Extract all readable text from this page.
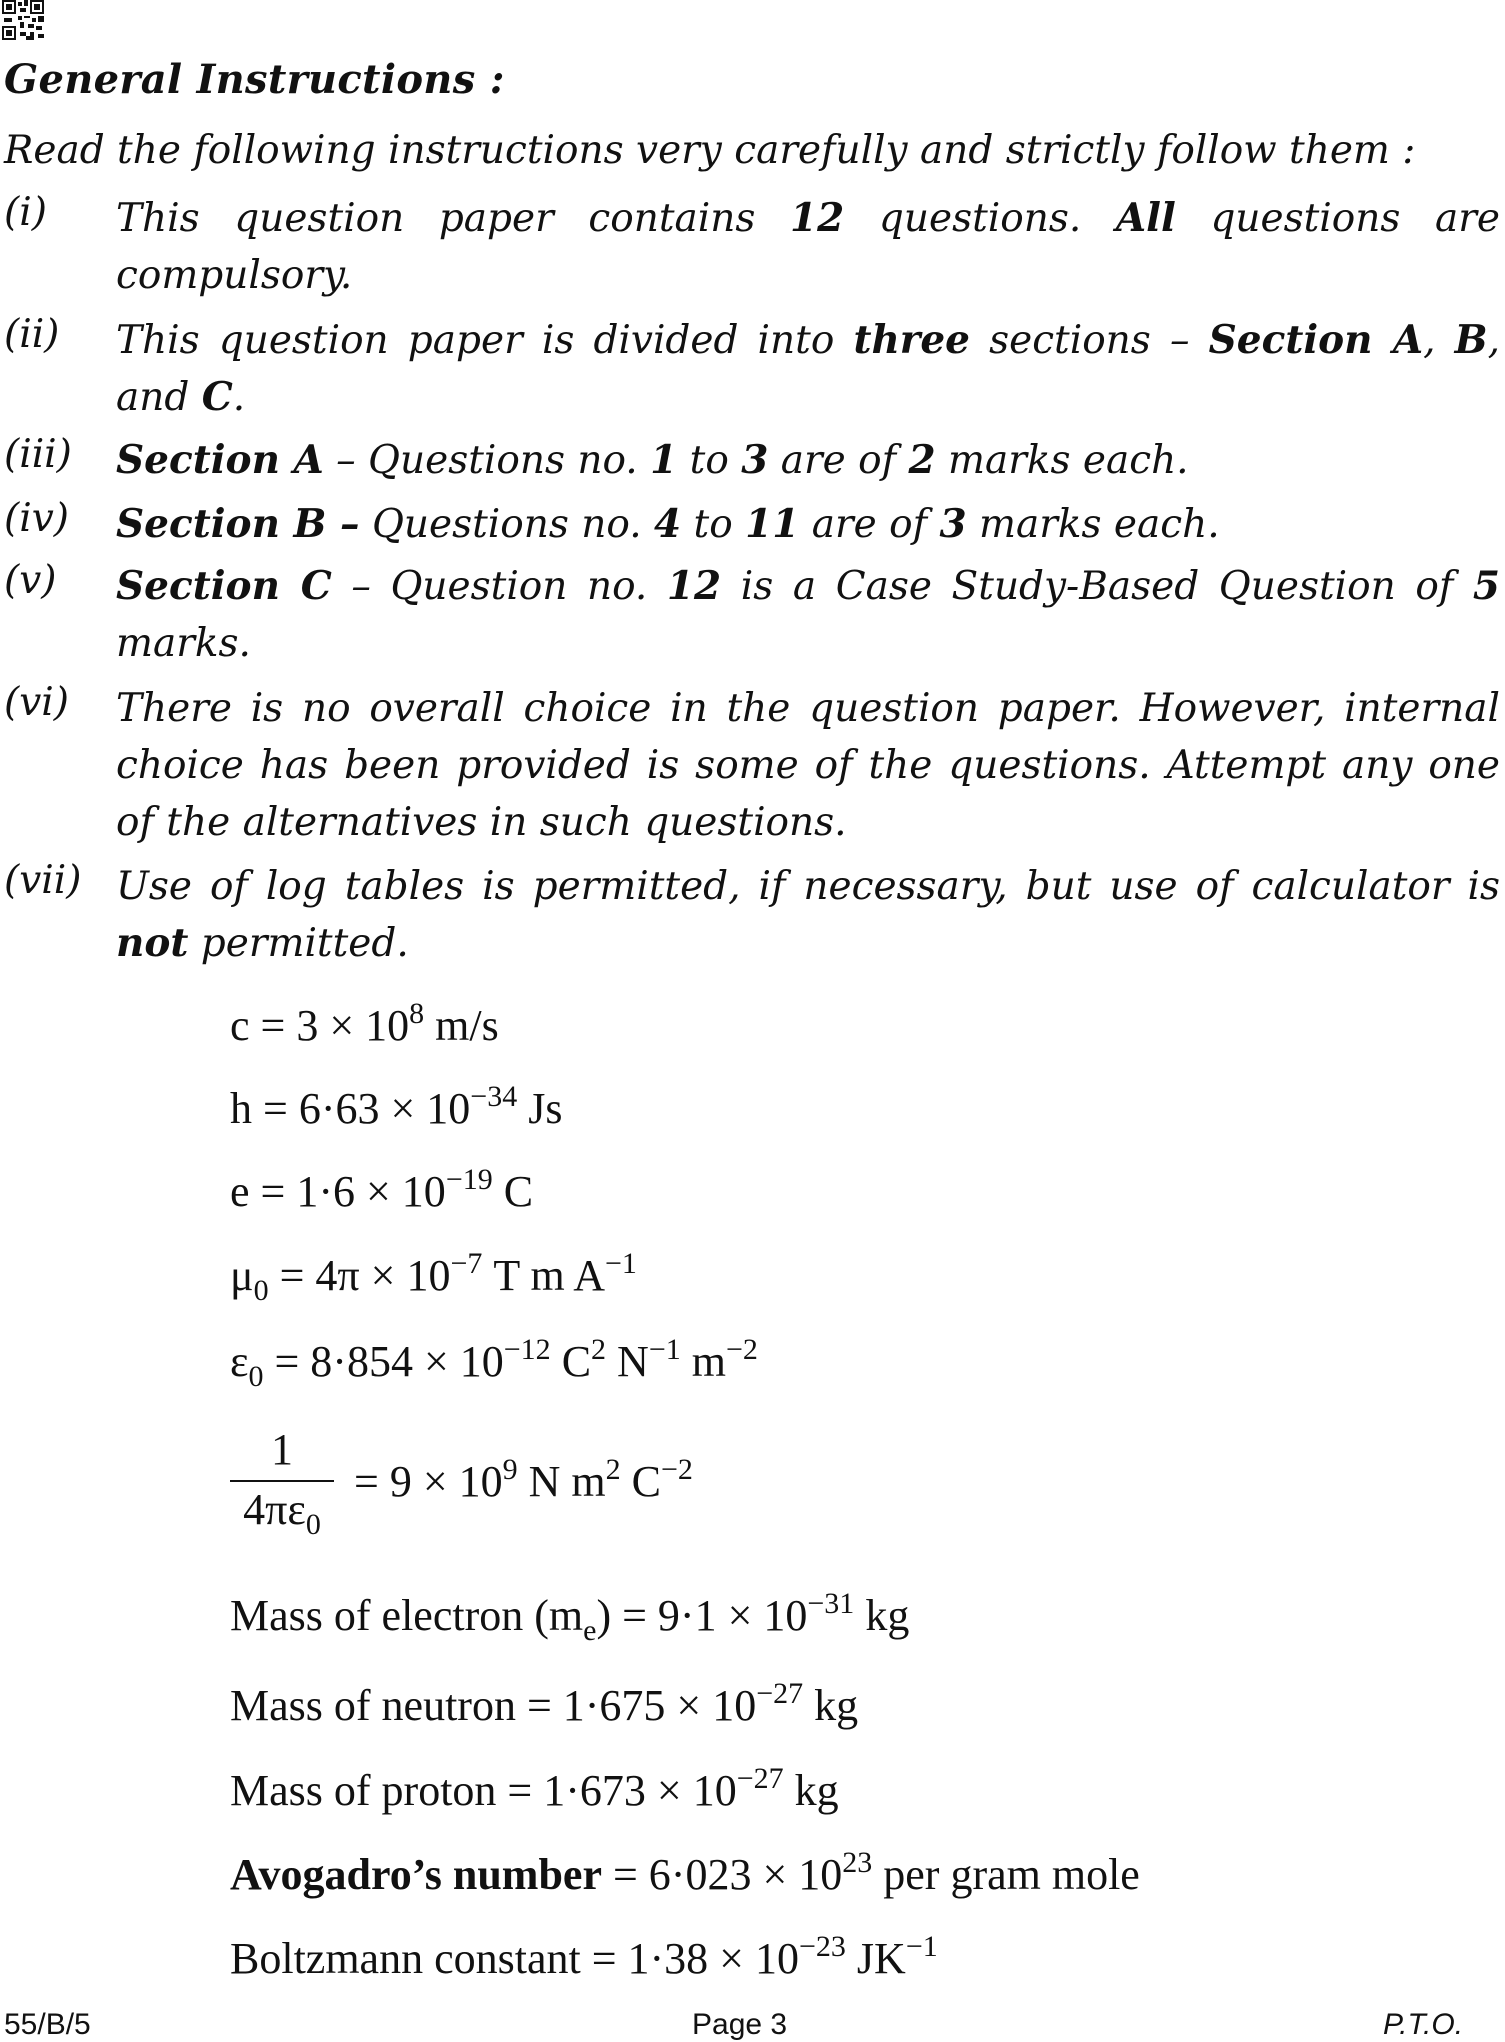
General Instructions :
Read the following instructions very carefully and strictly follow them :
(i) This question paper contains 12 questions. All questions are compulsory.
(ii) This question paper is divided into three sections – Section A, B, and C.
(iii) Section A – Questions no. 1 to 3 are of 2 marks each.
(iv) Section B – Questions no. 4 to 11 are of 3 marks each.
(v) Section C – Question no. 12 is a Case Study-Based Question of 5 marks.
(vi) There is no overall choice in the question paper. However, internal choice has been provided is some of the questions. Attempt any one of the alternatives in such questions.
(vii) Use of log tables is permitted, if necessary, but use of calculator is not permitted.
$c = 3 \times 10^8$ m/s
$h = 6\cdot 63 \times 10^{-34}$ Js
$e = 1\cdot 6 \times 10^{-19}$ C
$\mu_0 = 4\pi \times 10^{-7}$ T m $A^{-1}$
$\varepsilon_0 = 8\cdot 854 \times 10^{-12}$ $C^2$ $N^{-1}$ $m^{-2}$
1
$4\pi\varepsilon_0$
= $9 \times 10^9$ N $m^2$ $C^{-2}$
Mass of electron $(m_e) = 9\cdot 1 \times 10^{-31}$ kg
Mass of neutron = $1\cdot 675 \times 10^{-27}$ kg
Mass of proton = $1\cdot 673 \times 10^{-27}$ kg
Avogadro’s number = $6\cdot 023 \times 10^{23}$ per gram mole
Boltzmann constant = $1\cdot 38 \times 10^{-23}$ $JK^{-1}$
55/B/5	Page 3	P.T.O.
